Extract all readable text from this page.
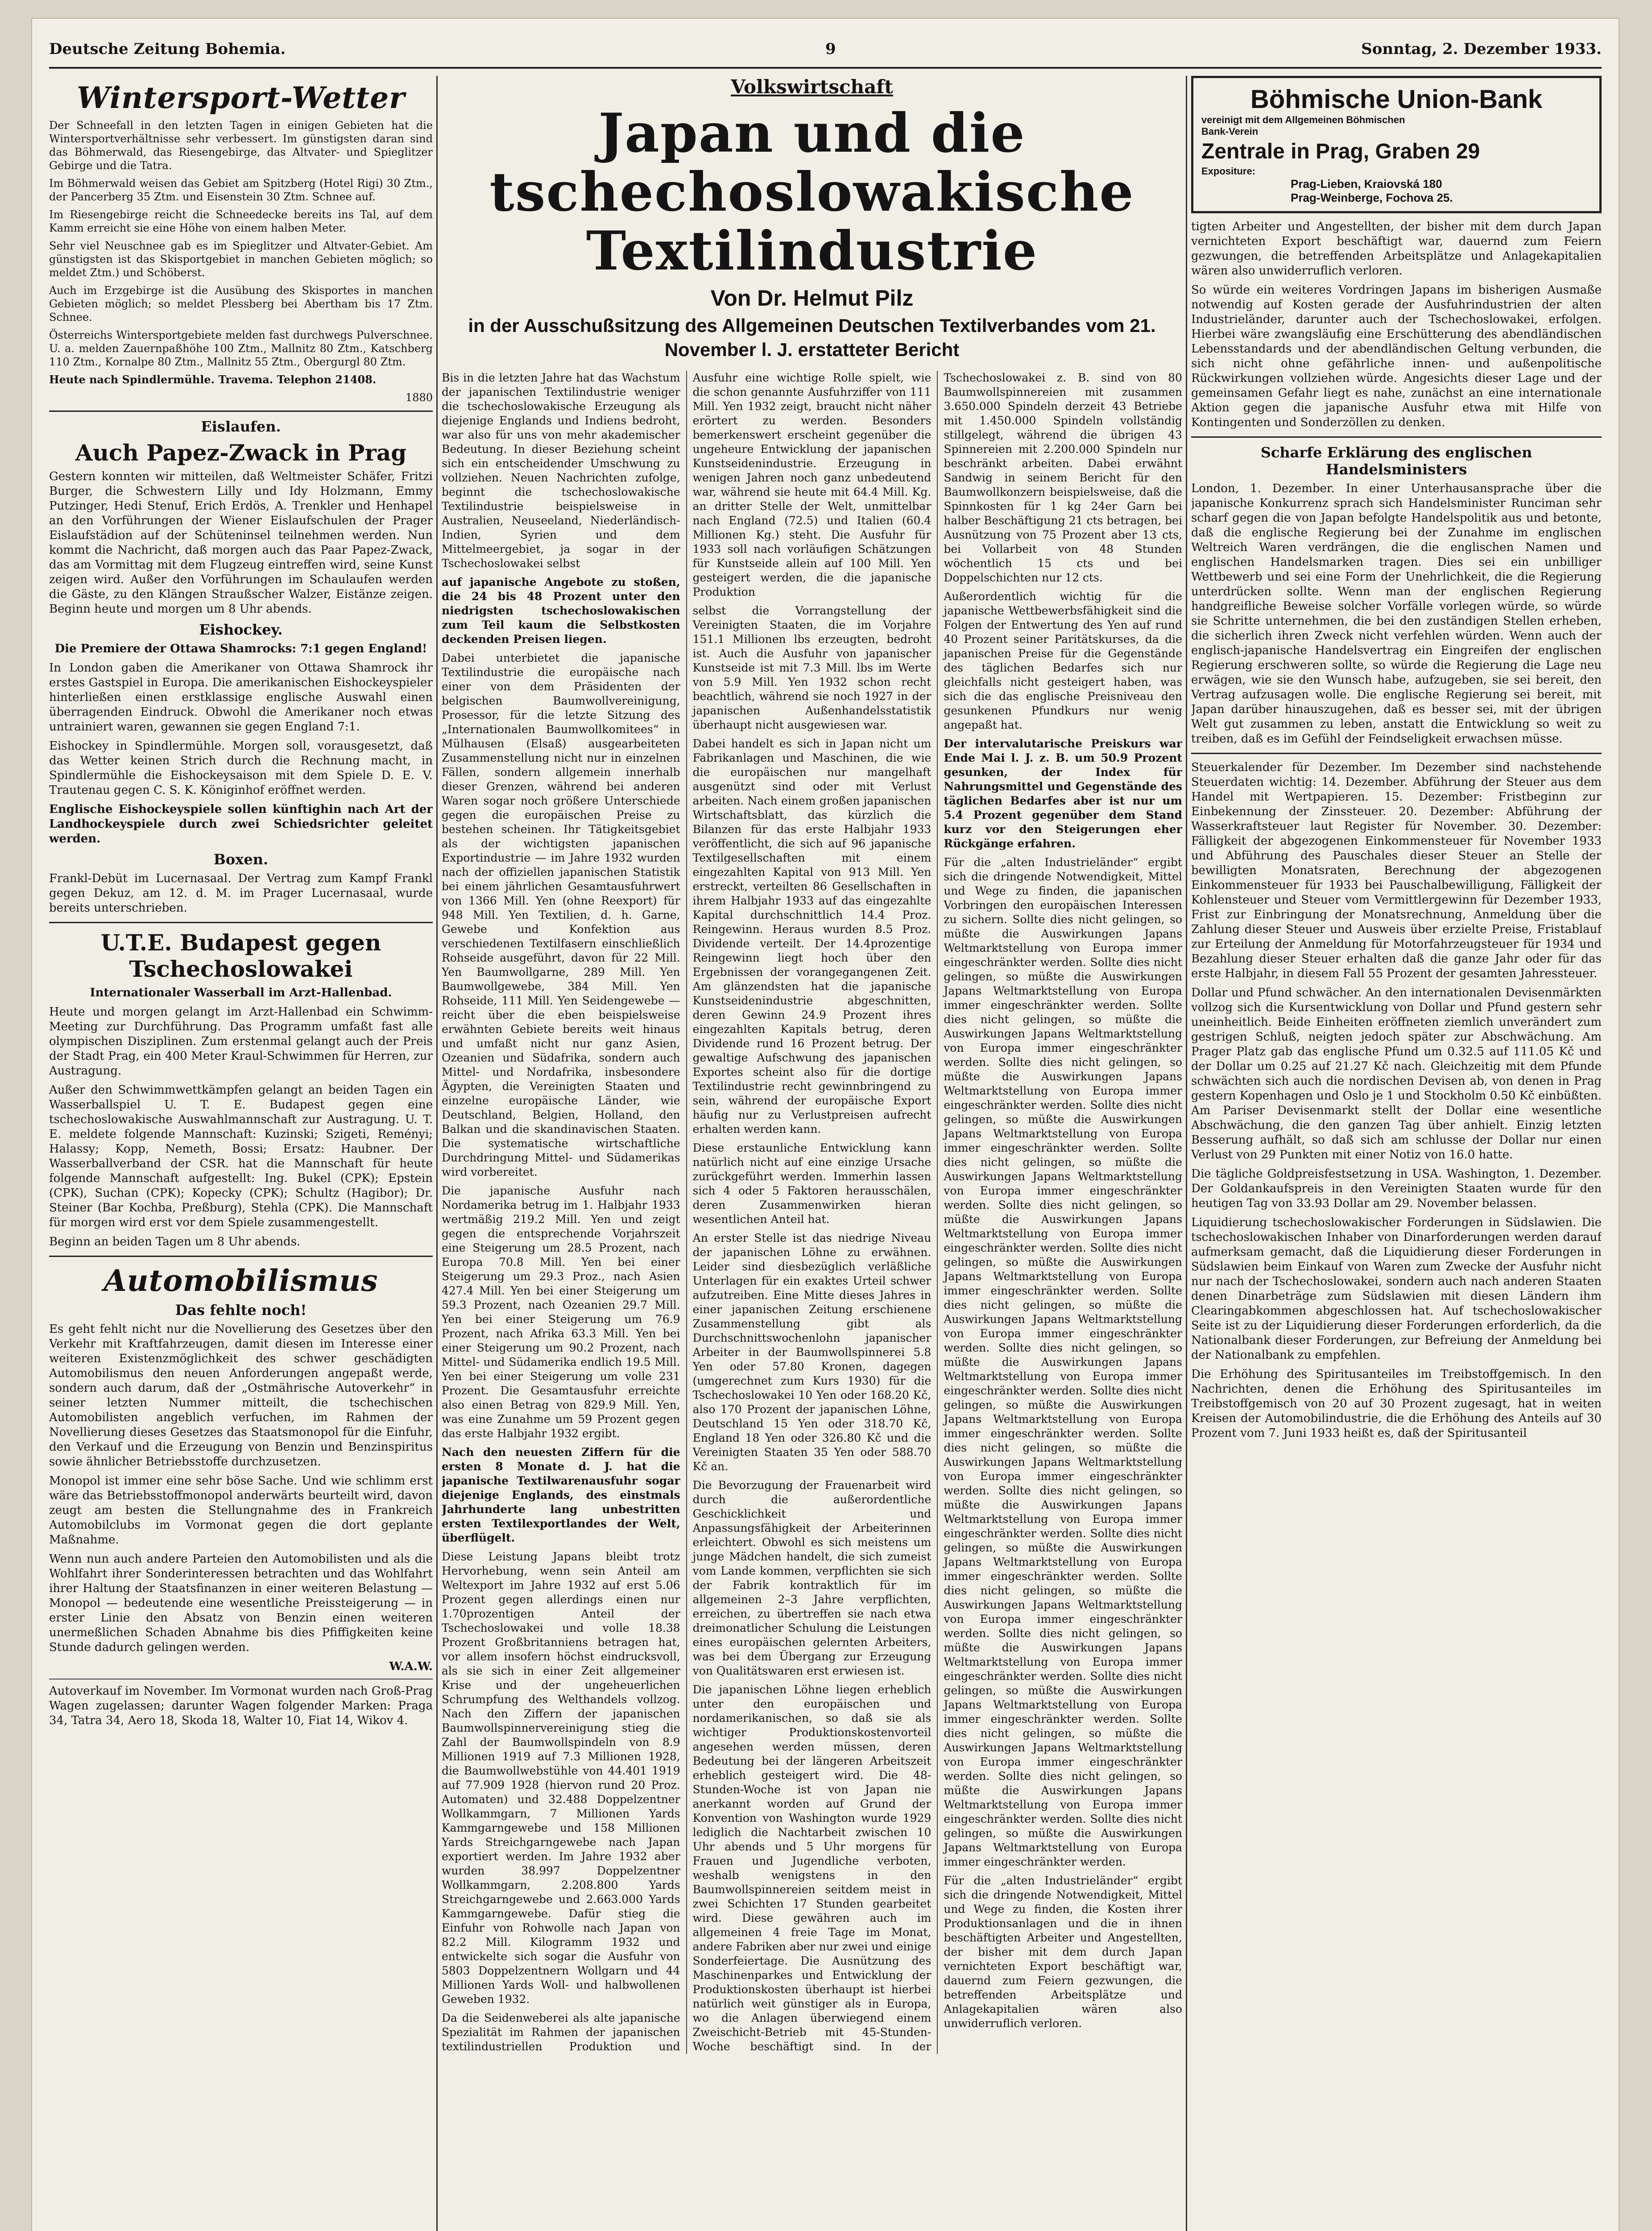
Deutsche Zeitung Bohemia.	9	Sonntag, 2. Dezember 1933.
Wintersport-Wetter

Der Schneefall in den letzten Tagen in einigen Gebieten hat die Wintersportverhältnisse sehr verbessert. Im günstigsten daran sind das Böhmerwald, das Riesengebirge, das Altvater- und Spieglitzer Gebirge und die Tatra.

Im Böhmerwald weisen das Gebiet am Spitzberg (Hotel Rigi) 30 Ztm., der Pancerberg 35 Ztm. und Eisenstein 30 Ztm. Schnee auf.

Im Riesengebirge reicht die Schneedecke bereits ins Tal, auf dem Kamm erreicht sie eine Höhe von einem halben Meter.

Sehr viel Neuschnee gab es im Spieglitzer und Altvater-Gebiet. Am günstigsten ist das Skisportgebiet in manchen Gebieten möglich; so meldet Ztm.) und Schöberst.

Auch im Erzgebirge ist die Ausübung des Skisportes in manchen Gebieten möglich; so meldet Plessberg bei Abertham bis 17 Ztm. Schnee.

Österreichs Wintersportgebiete melden fast durchwegs Pulverschnee. U. a. melden Zauernpaßhöhe 100 Ztm., Mallnitz 80 Ztm., Katschberg 110 Ztm., Kornalpe 80 Ztm., Mallnitz 55 Ztm., Obergurgl 80 Ztm.

Heute nach Spindlermühle. Travema. Telephon 21408.

1880

Eislaufen.
Auch Papez-Zwack in Prag

Gestern konnten wir mitteilen, daß Weltmeister Schäfer, Fritzi Burger, die Schwestern Lilly und Idy Holzmann, Emmy Putzinger, Hedi Stenuf, Erich Erdös, A. Trenkler und Henhapel an den Vorführungen der Wiener Eislaufschulen der Prager Eislaufstädion auf der Schüteninsel teilnehmen werden. Nun kommt die Nachricht, daß morgen auch das Paar Papez-Zwack, das am Vormittag mit dem Flugzeug eintreffen wird, seine Kunst zeigen wird. Außer den Vorführungen im Schaulaufen werden die Gäste, zu den Klängen Straußscher Walzer, Eistänze zeigen. Beginn heute und morgen um 8 Uhr abends.

Eishockey.

Die Premiere der Ottawa Shamrocks: 7:1 gegen England!

In London gaben die Amerikaner von Ottawa Shamrock ihr erstes Gastspiel in Europa. Die amerikanischen Eishockeyspieler hinterließen einen erstklassige englische Auswahl einen überragenden Eindruck. Obwohl die Amerikaner noch etwas untrainiert waren, gewannen sie gegen England 7:1.

Eishockey in Spindlermühle. Morgen soll, vorausgesetzt, daß das Wetter keinen Strich durch die Rechnung macht, in Spindlermühle die Eishockeysaison mit dem Spiele D. E. V. Trautenau gegen C. S. K. Königinhof eröffnet werden.

Englische Eishockeyspiele sollen künftighin nach Art der Landhockeyspiele durch zwei Schiedsrichter geleitet werden.

Boxen.

Frankl-Debüt im Lucernasaal. Der Vertrag zum Kampf Frankl gegen Dekuz, am 12. d. M. im Prager Lucernasaal, wurde bereits unterschrieben.

U.T.E. Budapest gegen Tschechoslowakei

Internationaler Wasserball im Arzt-Hallenbad.

Heute und morgen gelangt im Arzt-Hallenbad ein Schwimm-Meeting zur Durchführung. Das Programm umfaßt fast alle olympischen Disziplinen. Zum erstenmal gelangt auch der Preis der Stadt Prag, ein 400 Meter Kraul-Schwimmen für Herren, zur Austragung.

Außer den Schwimmwettkämpfen gelangt an beiden Tagen ein Wasserballspiel U. T. E. Budapest gegen eine tschechoslowakische Auswahlmannschaft zur Austragung. U. T. E. meldete folgende Mannschaft: Kuzinski; Szigeti, Reményi; Halassy; Kopp, Nemeth, Bossi; Ersatz: Haubner. Der Wasserballverband der CSR. hat die Mannschaft für heute folgende Mannschaft aufgestellt: Ing. Bukel (CPK); Epstein (CPK), Suchan (CPK); Kopecky (CPK); Schultz (Hagibor); Dr. Steiner (Bar Kochba, Preßburg), Stehla (CPK). Die Mannschaft für morgen wird erst vor dem Spiele zusammengestellt.

Beginn an beiden Tagen um 8 Uhr abends.

Automobilismus
Das fehlte noch!

Es geht fehlt nicht nur die Novellierung des Gesetzes über den Verkehr mit Kraftfahrzeugen, damit diesen im Interesse einer weiteren Existenzmöglichkeit des schwer geschädigten Automobilismus den neuen Anforderungen angepaßt werde, sondern auch darum, daß der „Ostmährische Autoverkehr“ in seiner letzten Nummer mitteilt, die tschechischen Automobilisten angeblich verfuchen, im Rahmen der Novellierung dieses Gesetzes das Staatsmonopol für die Einfuhr, den Verkauf und die Erzeugung von Benzin und Benzinspiritus sowie ähnlicher Betriebsstoffe durchzusetzen.

Monopol ist immer eine sehr böse Sache. Und wie schlimm erst wäre das Betriebsstoffmonopol anderwärts beurteilt wird, davon zeugt am besten die Stellungnahme des in Frankreich Automobilclubs im Vormonat gegen die dort geplante Maßnahme.

Wenn nun auch andere Parteien den Automobilisten und als die Wohlfahrt ihrer Sonderinteressen betrachten und das Wohlfahrt ihrer Haltung der Staatsfinanzen in einer weiteren Belastung — Monopol — bedeutende eine wesentliche Preissteigerung — in erster Linie den Absatz von Benzin einen weiteren unermeßlichen Schaden Abnahme bis dies Pfiffigkeiten keine Stunde dadurch gelingen werden.

W.A.W.

Autoverkauf im November. Im Vormonat wurden nach Groß-Prag Wagen zugelassen; darunter Wagen folgender Marken: Praga 34, Tatra 34, Aero 18, Skoda 18, Walter 10, Fiat 14, Wikov 4.

Volkswirtschaft
Japan und die tschechoslowakische Textilindustrie
Von Dr. Helmut Pilz
in der Ausschußsitzung des Allgemeinen Deutschen Textilverbandes vom 21. November l. J. erstatteter Bericht

Bis in die letzten Jahre hat das Wachstum der japanischen Textilindustrie weniger die tschechoslowakische Erzeugung als diejenige Englands und Indiens bedroht, war also für uns von mehr akademischer Bedeutung. In dieser Beziehung scheint sich ein entscheidender Umschwung zu vollziehen. Neuen Nachrichten zufolge, beginnt die tschechoslowakische Textilindustrie beispielsweise in Australien, Neuseeland, Niederländisch-Indien, Syrien und dem Mittelmeergebiet, ja sogar in der Tschechoslowakei selbst

auf japanische Angebote zu stoßen, die 24 bis 48 Prozent unter den niedrigsten tschechoslowakischen zum Teil kaum die Selbstkosten deckenden Preisen liegen.

Dabei unterbietet die japanische Textilindustrie die europäische nach einer von dem Präsidenten der belgischen Baumwollvereinigung, Prosessor, für die letzte Sitzung des „Internationalen Baumwollkomitees“ in Mülhausen (Elsaß) ausgearbeiteten Zusammenstellung nicht nur in einzelnen Fällen, sondern allgemein innerhalb dieser Grenzen, während bei anderen Waren sogar noch größere Unterschiede gegen die europäischen Preise zu bestehen scheinen. Ihr Tätigkeitsgebiet als der wichtigsten japanischen Exportindustrie — im Jahre 1932 wurden nach der offiziellen japanischen Statistik bei einem jährlichen Gesamtausfuhrwert von 1366 Mill. Yen (ohne Reexport) für 948 Mill. Yen Textilien, d. h. Garne, Gewebe und Konfektion aus verschiedenen Textilfasern einschließlich Rohseide ausgeführt, davon für 22 Mill. Yen Baumwollgarne, 289 Mill. Yen Baumwollgewebe, 384 Mill. Yen Rohseide, 111 Mill. Yen Seidengewebe — reicht über die eben beispielsweise erwähnten Gebiete bereits weit hinaus und umfaßt nicht nur ganz Asien, Ozeanien und Südafrika, sondern auch Mittel- und Nordafrika, insbesondere Ägypten, die Vereinigten Staaten und einzelne europäische Länder, wie Deutschland, Belgien, Holland, den Balkan und die skandinavischen Staaten. Die systematische wirtschaftliche Durchdringung Mittel- und Südamerikas wird vorbereitet.

Die japanische Ausfuhr nach Nordamerika betrug im 1. Halbjahr 1933 wertmäßig 219.2 Mill. Yen und zeigt gegen die entsprechende Vorjahrszeit eine Steigerung um 28.5 Prozent, nach Europa 70.8 Mill. Yen bei einer Steigerung um 29.3 Proz., nach Asien 427.4 Mill. Yen bei einer Steigerung um 59.3 Prozent, nach Ozeanien 29.7 Mill. Yen bei einer Steigerung um 76.9 Prozent, nach Afrika 63.3 Mill. Yen bei einer Steigerung um 90.2 Prozent, nach Mittel- und Südamerika endlich 19.5 Mill. Yen bei einer Steigerung um volle 231 Prozent. Die Gesamtausfuhr erreichte also einen Betrag von 829.9 Mill. Yen, was eine Zunahme um 59 Prozent gegen das erste Halbjahr 1932 ergibt.

Nach den neuesten Ziffern für die ersten 8 Monate d. J. hat die japanische Textilwarenausfuhr sogar diejenige Englands, des einstmals Jahrhunderte lang unbestritten ersten Textilexportlandes der Welt, überflügelt.

Diese Leistung Japans bleibt trotz Hervorhebung, wenn sein Anteil am Weltexport im Jahre 1932 auf erst 5.06 Prozent gegen allerdings einen nur 1.70prozentigen Anteil der Tschechoslowakei und volle 18.38 Prozent Großbritanniens betragen hat, vor allem insofern höchst eindrucksvoll, als sie sich in einer Zeit allgemeiner Krise und der ungeheuerlichen Schrumpfung des Welthandels vollzog. Nach den Ziffern der japanischen Baumwollspinnervereinigung stieg die Zahl der Baumwollspindeln von 8.9 Millionen 1919 auf 7.3 Millionen 1928, die Baumwollwebstühle von 44.401 1919 auf 77.909 1928 (hiervon rund 20 Proz. Automaten) und 32.488 Doppelzentner Wollkammgarn, 7 Millionen Yards Kammgarngewebe und 158 Millionen Yards Streichgarngewebe nach Japan exportiert werden. Im Jahre 1932 aber wurden 38.997 Doppelzentner Wollkammgarn, 2.208.800 Yards Streichgarngewebe und 2.663.000 Yards Kammgarngewebe. Dafür stieg die Einfuhr von Rohwolle nach Japan von 82.2 Mill. Kilogramm 1932 und entwickelte sich sogar die Ausfuhr von 5803 Doppelzentnern Wollgarn und 44 Millionen Yards Woll- und halbwollenen Geweben 1932.

Da die Seidenweberei als alte japanische Spezialität im Rahmen der japanischen textilindustriellen Produktion und Ausfuhr eine wichtige Rolle spielt, wie die schon genannte Ausfuhrziffer von 111 Mill. Yen 1932 zeigt, braucht nicht näher erörtert zu werden. Besonders bemerkenswert erscheint gegenüber die ungeheure Entwicklung der japanischen Kunstseidenindustrie. Erzeugung in wenigen Jahren noch ganz unbedeutend war, während sie heute mit 64.4 Mill. Kg. an dritter Stelle der Welt, unmittelbar nach England (72.5) und Italien (60.4 Millionen Kg.) steht. Die Ausfuhr für 1933 soll nach vorläufigen Schätzungen für Kunstseide allein auf 100 Mill. Yen gesteigert werden, die die japanische Produktion

selbst die Vorrangstellung der Vereinigten Staaten, die im Vorjahre 151.1 Millionen lbs erzeugten, bedroht ist. Auch die Ausfuhr von japanischer Kunstseide ist mit 7.3 Mill. lbs im Werte von 5.9 Mill. Yen 1932 schon recht beachtlich, während sie noch 1927 in der japanischen Außenhandelsstatistik überhaupt nicht ausgewiesen war.

Dabei handelt es sich in Japan nicht um Fabrikanlagen und Maschinen, die wie die europäischen nur mangelhaft ausgenützt sind oder mit Verlust arbeiten. Nach einem großen japanischen Wirtschaftsblatt, das kürzlich die Bilanzen für das erste Halbjahr 1933 veröffentlicht, die sich auf 96 japanische Textilgesellschaften mit einem eingezahlten Kapital von 913 Mill. Yen erstreckt, verteilten 86 Gesellschaften in ihrem Halbjahr 1933 auf das eingezahlte Kapital durchschnittlich 14.4 Proz. Reingewinn. Heraus wurden 8.5 Proz. Dividende verteilt. Der 14.4prozentige Reingewinn liegt hoch über den Ergebnissen der vorangegangenen Zeit. Am glänzendsten hat die japanische Kunstseidenindustrie abgeschnitten, deren Gewinn 24.9 Prozent ihres eingezahlten Kapitals betrug, deren Dividende rund 16 Prozent betrug. Der gewaltige Aufschwung des japanischen Exportes scheint also für die dortige Textilindustrie recht gewinnbringend zu sein, während der europäische Export häufig nur zu Verlustpreisen aufrecht erhalten werden kann.

Diese erstaunliche Entwicklung kann natürlich nicht auf eine einzige Ursache zurückgeführt werden. Immerhin lassen sich 4 oder 5 Faktoren herausschälen, deren Zusammenwirken hieran wesentlichen Anteil hat.

An erster Stelle ist das niedrige Niveau der japanischen Löhne zu erwähnen. Leider sind diesbezüglich verläßliche Unterlagen für ein exaktes Urteil schwer aufzutreiben. Eine Mitte dieses Jahres in einer japanischen Zeitung erschienene Zusammenstellung gibt als Durchschnittswochenlohn japanischer Arbeiter in der Baumwollspinnerei 5.8 Yen oder 57.80 Kronen, dagegen (umgerechnet zum Kurs 1930) für die Tschechoslowakei 10 Yen oder 168.20 Kč, also 170 Prozent der japanischen Löhne, Deutschland 15 Yen oder 318.70 Kč, England 18 Yen oder 326.80 Kč und die Vereinigten Staaten 35 Yen oder 588.70 Kč an.

Die Bevorzugung der Frauenarbeit wird durch die außerordentliche Geschicklichkeit und Anpassungsfähigkeit der Arbeiterinnen erleichtert. Obwohl es sich meistens um junge Mädchen handelt, die sich zumeist vom Lande kommen, verpflichten sie sich der Fabrik kontraktlich für im allgemeinen 2–3 Jahre verpflichten, erreichen, zu übertreffen sie nach etwa dreimonatlicher Schulung die Leistungen eines europäischen gelernten Arbeiters, was bei dem Übergang zur Erzeugung von Qualitätswaren erst erwiesen ist.

Die japanischen Löhne liegen erheblich unter den europäischen und nordamerikanischen, so daß sie als wichtiger Produktionskostenvorteil angesehen werden müssen, deren Bedeutung bei der längeren Arbeitszeit erheblich gesteigert wird. Die 48-Stunden-Woche ist von Japan nie anerkannt worden auf Grund der Konvention von Washington wurde 1929 lediglich die Nachtarbeit zwischen 10 Uhr abends und 5 Uhr morgens für Frauen und Jugendliche verboten, weshalb wenigstens in den Baumwollspinnereien seitdem meist in zwei Schichten 17 Stunden gearbeitet wird. Diese gewähren auch im allgemeinen 4 freie Tage im Monat, andere Fabriken aber nur zwei und einige Sonderfeiertage. Die Ausnützung des Maschinenparkes und Entwicklung der Produktionskosten überhaupt ist hierbei natürlich weit günstiger als in Europa, wo die Anlagen überwiegend einem Zweischicht-Betrieb mit 45-Stunden-Woche beschäftigt sind. In der Tschechoslowakei z. B. sind von 80 Baumwollspinnereien mit zusammen 3.650.000 Spindeln derzeit 43 Betriebe mit 1.450.000 Spindeln vollständig stillgelegt, während die übrigen 43 Spinnereien mit 2.200.000 Spindeln nur beschränkt arbeiten. Dabei erwähnt Sandwig in seinem Bericht für den Baumwollkonzern beispielsweise, daß die Spinnkosten für 1 kg 24er Garn bei halber Beschäftigung 21 cts betragen, bei Ausnützung von 75 Prozent aber 13 cts, bei Vollarbeit von 48 Stunden wöchentlich 15 cts und bei Doppelschichten nur 12 cts.

Außerordentlich wichtig für die japanische Wettbewerbsfähigkeit sind die Folgen der Entwertung des Yen auf rund 40 Prozent seiner Paritätskurses, da die japanischen Preise für die Gegenstände des täglichen Bedarfes sich nur gleichfalls nicht gesteigert haben, was sich die das englische Preisniveau den gesunkenen Pfundkurs nur wenig angepaßt hat.

Der intervalutarische Preiskurs war Ende Mai l. J. z. B. um 50.9 Prozent gesunken, der Index für Nahrungsmittel und Gegenstände des täglichen Bedarfes aber ist nur um 5.4 Prozent gegenüber dem Stand kurz vor den Steigerungen eher Rückgänge erfahren.

Für die „alten Industrieländer“ ergibt sich die dringende Notwendigkeit, Mittel und Wege zu finden, die japanischen Vorbringen den europäischen Interessen zu sichern. Sollte dies nicht gelingen, so müßte die Auswirkungen Japans Weltmarktstellung von Europa immer eingeschränkter werden. Sollte dies nicht gelingen, so müßte die Auswirkungen Japans Weltmarktstellung von Europa immer eingeschränkter werden. Sollte dies nicht gelingen, so müßte die Auswirkungen Japans Weltmarktstellung von Europa immer eingeschränkter werden. Sollte dies nicht gelingen, so müßte die Auswirkungen Japans Weltmarktstellung von Europa immer eingeschränkter werden. Sollte dies nicht gelingen, so müßte die Auswirkungen Japans Weltmarktstellung von Europa immer eingeschränkter werden. Sollte dies nicht gelingen, so müßte die Auswirkungen Japans Weltmarktstellung von Europa immer eingeschränkter werden. Sollte dies nicht gelingen, so müßte die Auswirkungen Japans Weltmarktstellung von Europa immer eingeschränkter werden. Sollte dies nicht gelingen, so müßte die Auswirkungen Japans Weltmarktstellung von Europa immer eingeschränkter werden. Sollte dies nicht gelingen, so müßte die Auswirkungen Japans Weltmarktstellung von Europa immer eingeschränkter werden. Sollte dies nicht gelingen, so müßte die Auswirkungen Japans Weltmarktstellung von Europa immer eingeschränkter werden. Sollte dies nicht gelingen, so müßte die Auswirkungen Japans Weltmarktstellung von Europa immer eingeschränkter werden. Sollte dies nicht gelingen, so müßte die Auswirkungen Japans Weltmarktstellung von Europa immer eingeschränkter werden. Sollte dies nicht gelingen, so müßte die Auswirkungen Japans Weltmarktstellung von Europa immer eingeschränkter werden. Sollte dies nicht gelingen, so müßte die Auswirkungen Japans Weltmarktstellung von Europa immer eingeschränkter werden. Sollte dies nicht gelingen, so müßte die Auswirkungen Japans Weltmarktstellung von Europa immer eingeschränkter werden. Sollte dies nicht gelingen, so müßte die Auswirkungen Japans Weltmarktstellung von Europa immer eingeschränkter werden. Sollte dies nicht gelingen, so müßte die Auswirkungen Japans Weltmarktstellung von Europa immer eingeschränkter werden. Sollte dies nicht gelingen, so müßte die Auswirkungen Japans Weltmarktstellung von Europa immer eingeschränkter werden. Sollte dies nicht gelingen, so müßte die Auswirkungen Japans Weltmarktstellung von Europa immer eingeschränkter werden. Sollte dies nicht gelingen, so müßte die Auswirkungen Japans Weltmarktstellung von Europa immer eingeschränkter werden.

Für die „alten Industrieländer“ ergibt sich die dringende Notwendigkeit, Mittel und Wege zu finden, die Kosten ihrer Produktionsanlagen und die in ihnen beschäftigten Arbeiter und Angestellten, der bisher mit dem durch Japan vernichteten Export beschäftigt war, dauernd zum Feiern gezwungen, die betreffenden Arbeitsplätze und Anlagekapitalien wären also unwiderruflich verloren.

Böhmische Union-Bank
vereinigt mit dem Allgemeinen Böhmischen
Bank-Verein
Zentrale in Prag, Graben 29
Expositure:
Prag-Lieben, Kraiovská 180
Prag-Weinberge, Fochova 25.

tigten Arbeiter und Angestellten, der bisher mit dem durch Japan vernichteten Export beschäftigt war, dauernd zum Feiern gezwungen, die betreffenden Arbeitsplätze und Anlagekapitalien wären also unwiderruflich verloren.

So würde ein weiteres Vordringen Japans im bisherigen Ausmaße notwendig auf Kosten gerade der Ausfuhrindustrien der alten Industrieländer, darunter auch der Tschechoslowakei, erfolgen. Hierbei wäre zwangsläufig eine Erschütterung des abendländischen Lebensstandards und der abendländischen Geltung verbunden, die sich nicht ohne gefährliche innen- und außenpolitische Rückwirkungen vollziehen würde. Angesichts dieser Lage und der gemeinsamen Gefahr liegt es nahe, zunächst an eine internationale Aktion gegen die japanische Ausfuhr etwa mit Hilfe von Kontingenten und Sonderzöllen zu denken.

Scharfe Erklärung des englischen Handelsministers

London, 1. Dezember. In einer Unterhausansprache über die japanische Konkurrenz sprach sich Handelsminister Runciman sehr scharf gegen die von Japan befolgte Handelspolitik aus und betonte, daß die englische Regierung bei der Zunahme im englischen Weltreich Waren verdrängen, die die englischen Namen und englischen Handelsmarken tragen. Dies sei ein unbilliger Wettbewerb und sei eine Form der Unehrlichkeit, die die Regierung unterdrücken sollte. Wenn man der englischen Regierung handgreifliche Beweise solcher Vorfälle vorlegen würde, so würde sie Schritte unternehmen, die bei den zuständigen Stellen erheben, die sicherlich ihren Zweck nicht verfehlen würden. Wenn auch der englisch-japanische Handelsvertrag ein Eingreifen der englischen Regierung erschweren sollte, so würde die Regierung die Lage neu erwägen, wie sie den Wunsch habe, aufzugeben, sie sei bereit, den Vertrag aufzusagen wolle. Die englische Regierung sei bereit, mit Japan darüber hinauszugehen, daß es besser sei, mit der übrigen Welt gut zusammen zu leben, anstatt die Entwicklung so weit zu treiben, daß es im Gefühl der Feindseligkeit erwachsen müsse.

Steuerkalender für Dezember. Im Dezember sind nachstehende Steuerdaten wichtig: 14. Dezember. Abführung der Steuer aus dem Handel mit Wertpapieren. 15. Dezember: Fristbeginn zur Einbekennung der Zinssteuer. 20. Dezember: Abführung der Wasserkraftsteuer laut Register für November. 30. Dezember: Fälligkeit der abgezogenen Einkommensteuer für November 1933 und Abführung des Pauschales dieser Steuer an Stelle der bewilligten Monatsraten, Berechnung der abgezogenen Einkommensteuer für 1933 bei Pauschalbewilligung, Fälligkeit der Kohlensteuer und Steuer vom Vermittlergewinn für Dezember 1933, Frist zur Einbringung der Monatsrechnung, Anmeldung über die Zahlung dieser Steuer und Ausweis über erzielte Preise, Fristablauf zur Erteilung der Anmeldung für Motorfahrzeugsteuer für 1934 und Bezahlung dieser Steuer erhalten daß die ganze Jahr oder für das erste Halbjahr, in diesem Fall 55 Prozent der gesamten Jahressteuer.

Dollar und Pfund schwächer. An den internationalen Devisenmärkten vollzog sich die Kursentwicklung von Dollar und Pfund gestern sehr uneinheitlich. Beide Einheiten eröffneten ziemlich unverändert zum gestrigen Schluß, neigten jedoch später zur Abschwächung. Am Prager Platz gab das englische Pfund um 0.32.5 auf 111.05 Kč und der Dollar um 0.25 auf 21.27 Kč nach. Gleichzeitig mit dem Pfunde schwächten sich auch die nordischen Devisen ab, von denen in Prag gestern Kopenhagen und Oslo je 1 und Stockholm 0.50 Kč einbüßten. Am Pariser Devisenmarkt stellt der Dollar eine wesentliche Abschwächung, die den ganzen Tag über anhielt. Einzig letzten Besserung aufhält, so daß sich am schlusse der Dollar nur einen Verlust von 29 Punkten mit einer Notiz von 16.0 hatte.

Die tägliche Goldpreisfestsetzung in USA. Washington, 1. Dezember. Der Goldankaufspreis in den Vereinigten Staaten wurde für den heutigen Tag von 33.93 Dollar am 29. November belassen.

Liquidierung tschechoslowakischer Forderungen in Südslawien. Die tschechoslowakischen Inhaber von Dinarforderungen werden darauf aufmerksam gemacht, daß die Liquidierung dieser Forderungen in Südslawien beim Einkauf von Waren zum Zwecke der Ausfuhr nicht nur nach der Tschechoslowakei, sondern auch nach anderen Staaten denen Dinarbeträge zum Südslawien mit diesen Ländern ihm Clearingabkommen abgeschlossen hat. Auf tschechoslowakischer Seite ist zu der Liquidierung dieser Forderungen erforderlich, da die Nationalbank dieser Forderungen, zur Befreiung der Anmeldung bei der Nationalbank zu empfehlen.

Die Erhöhung des Spiritusanteiles im Treibstoffgemisch. In den Nachrichten, denen die Erhöhung des Spiritusanteiles im Treibstoffgemisch von 20 auf 30 Prozent zugesagt, hat in weiten Kreisen der Automobilindustrie, die die Erhöhung des Anteils auf 30 Prozent vom 7. Juni 1933 heißt es, daß der Spiritusanteil
